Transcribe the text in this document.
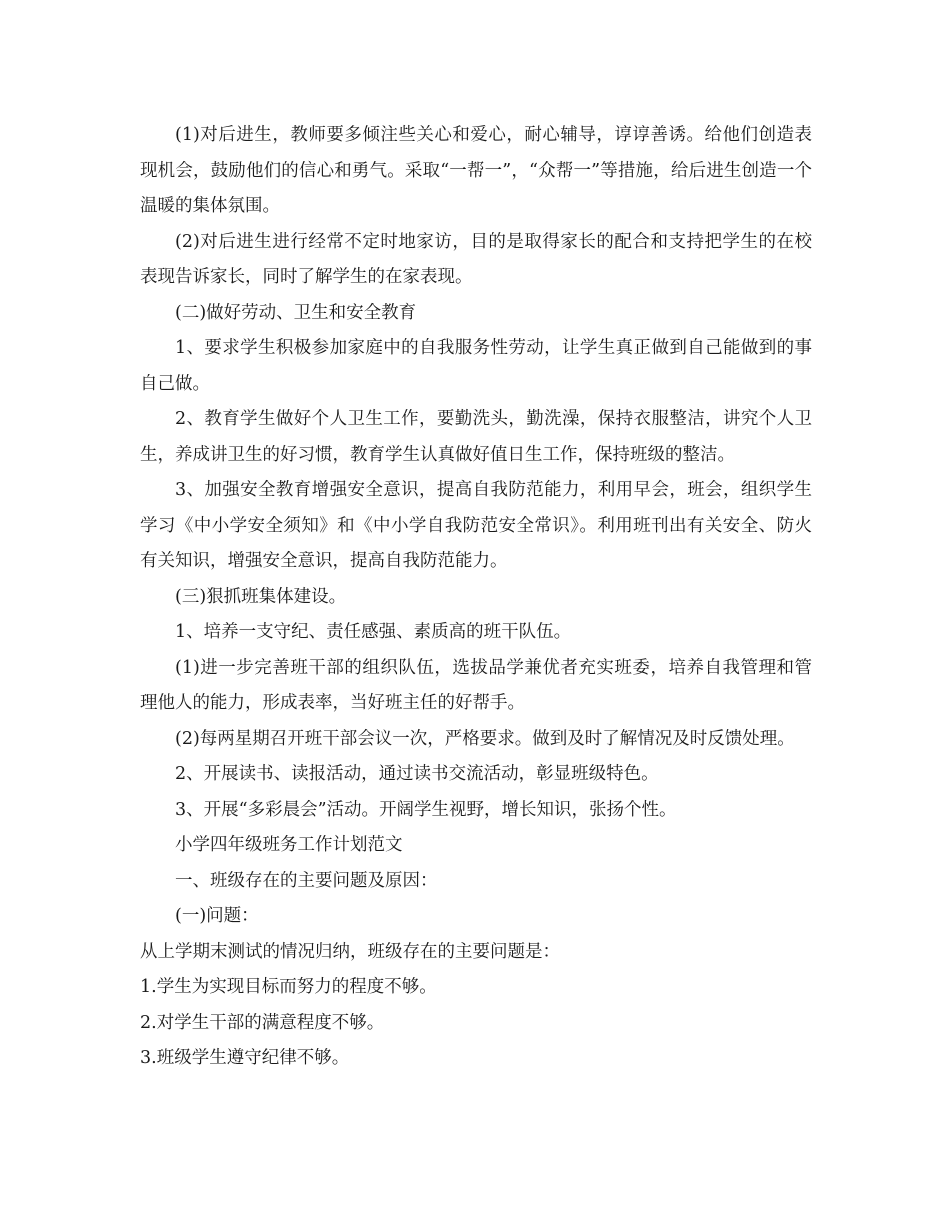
(1)对后进生，教师要多倾注些关心和爱心，耐心辅导，谆谆善诱。给他们创造表现机会，鼓励他们的信心和勇气。采取“一帮一”，“众帮一”等措施，给后进生创造一个温暖的集体氛围。

(2)对后进生进行经常不定时地家访，目的是取得家长的配合和支持把学生的在校表现告诉家长，同时了解学生的在家表现。

(二)做好劳动、卫生和安全教育

1、要求学生积极参加家庭中的自我服务性劳动，让学生真正做到自己能做到的事自己做。

2、教育学生做好个人卫生工作，要勤洗头，勤洗澡，保持衣服整洁，讲究个人卫生，养成讲卫生的好习惯，教育学生认真做好值日生工作，保持班级的整洁。

3、加强安全教育增强安全意识，提高自我防范能力，利用早会，班会，组织学生学习《中小学安全须知》和《中小学自我防范安全常识》。利用班刊出有关安全、防火有关知识，增强安全意识，提高自我防范能力。

(三)狠抓班集体建设。

1、培养一支守纪、责任感强、素质高的班干队伍。

(1)进一步完善班干部的组织队伍，选拔品学兼优者充实班委，培养自我管理和管理他人的能力，形成表率，当好班主任的好帮手。

(2)每两星期召开班干部会议一次，严格要求。做到及时了解情况及时反馈处理。

2、开展读书、读报活动，通过读书交流活动，彰显班级特色。

3、开展“多彩晨会”活动。开阔学生视野，增长知识，张扬个性。

小学四年级班务工作计划范文

一、班级存在的主要问题及原因：

(一)问题：

从上学期末测试的情况归纳，班级存在的主要问题是：

1.学生为实现目标而努力的程度不够。

2.对学生干部的满意程度不够。

3.班级学生遵守纪律不够。
